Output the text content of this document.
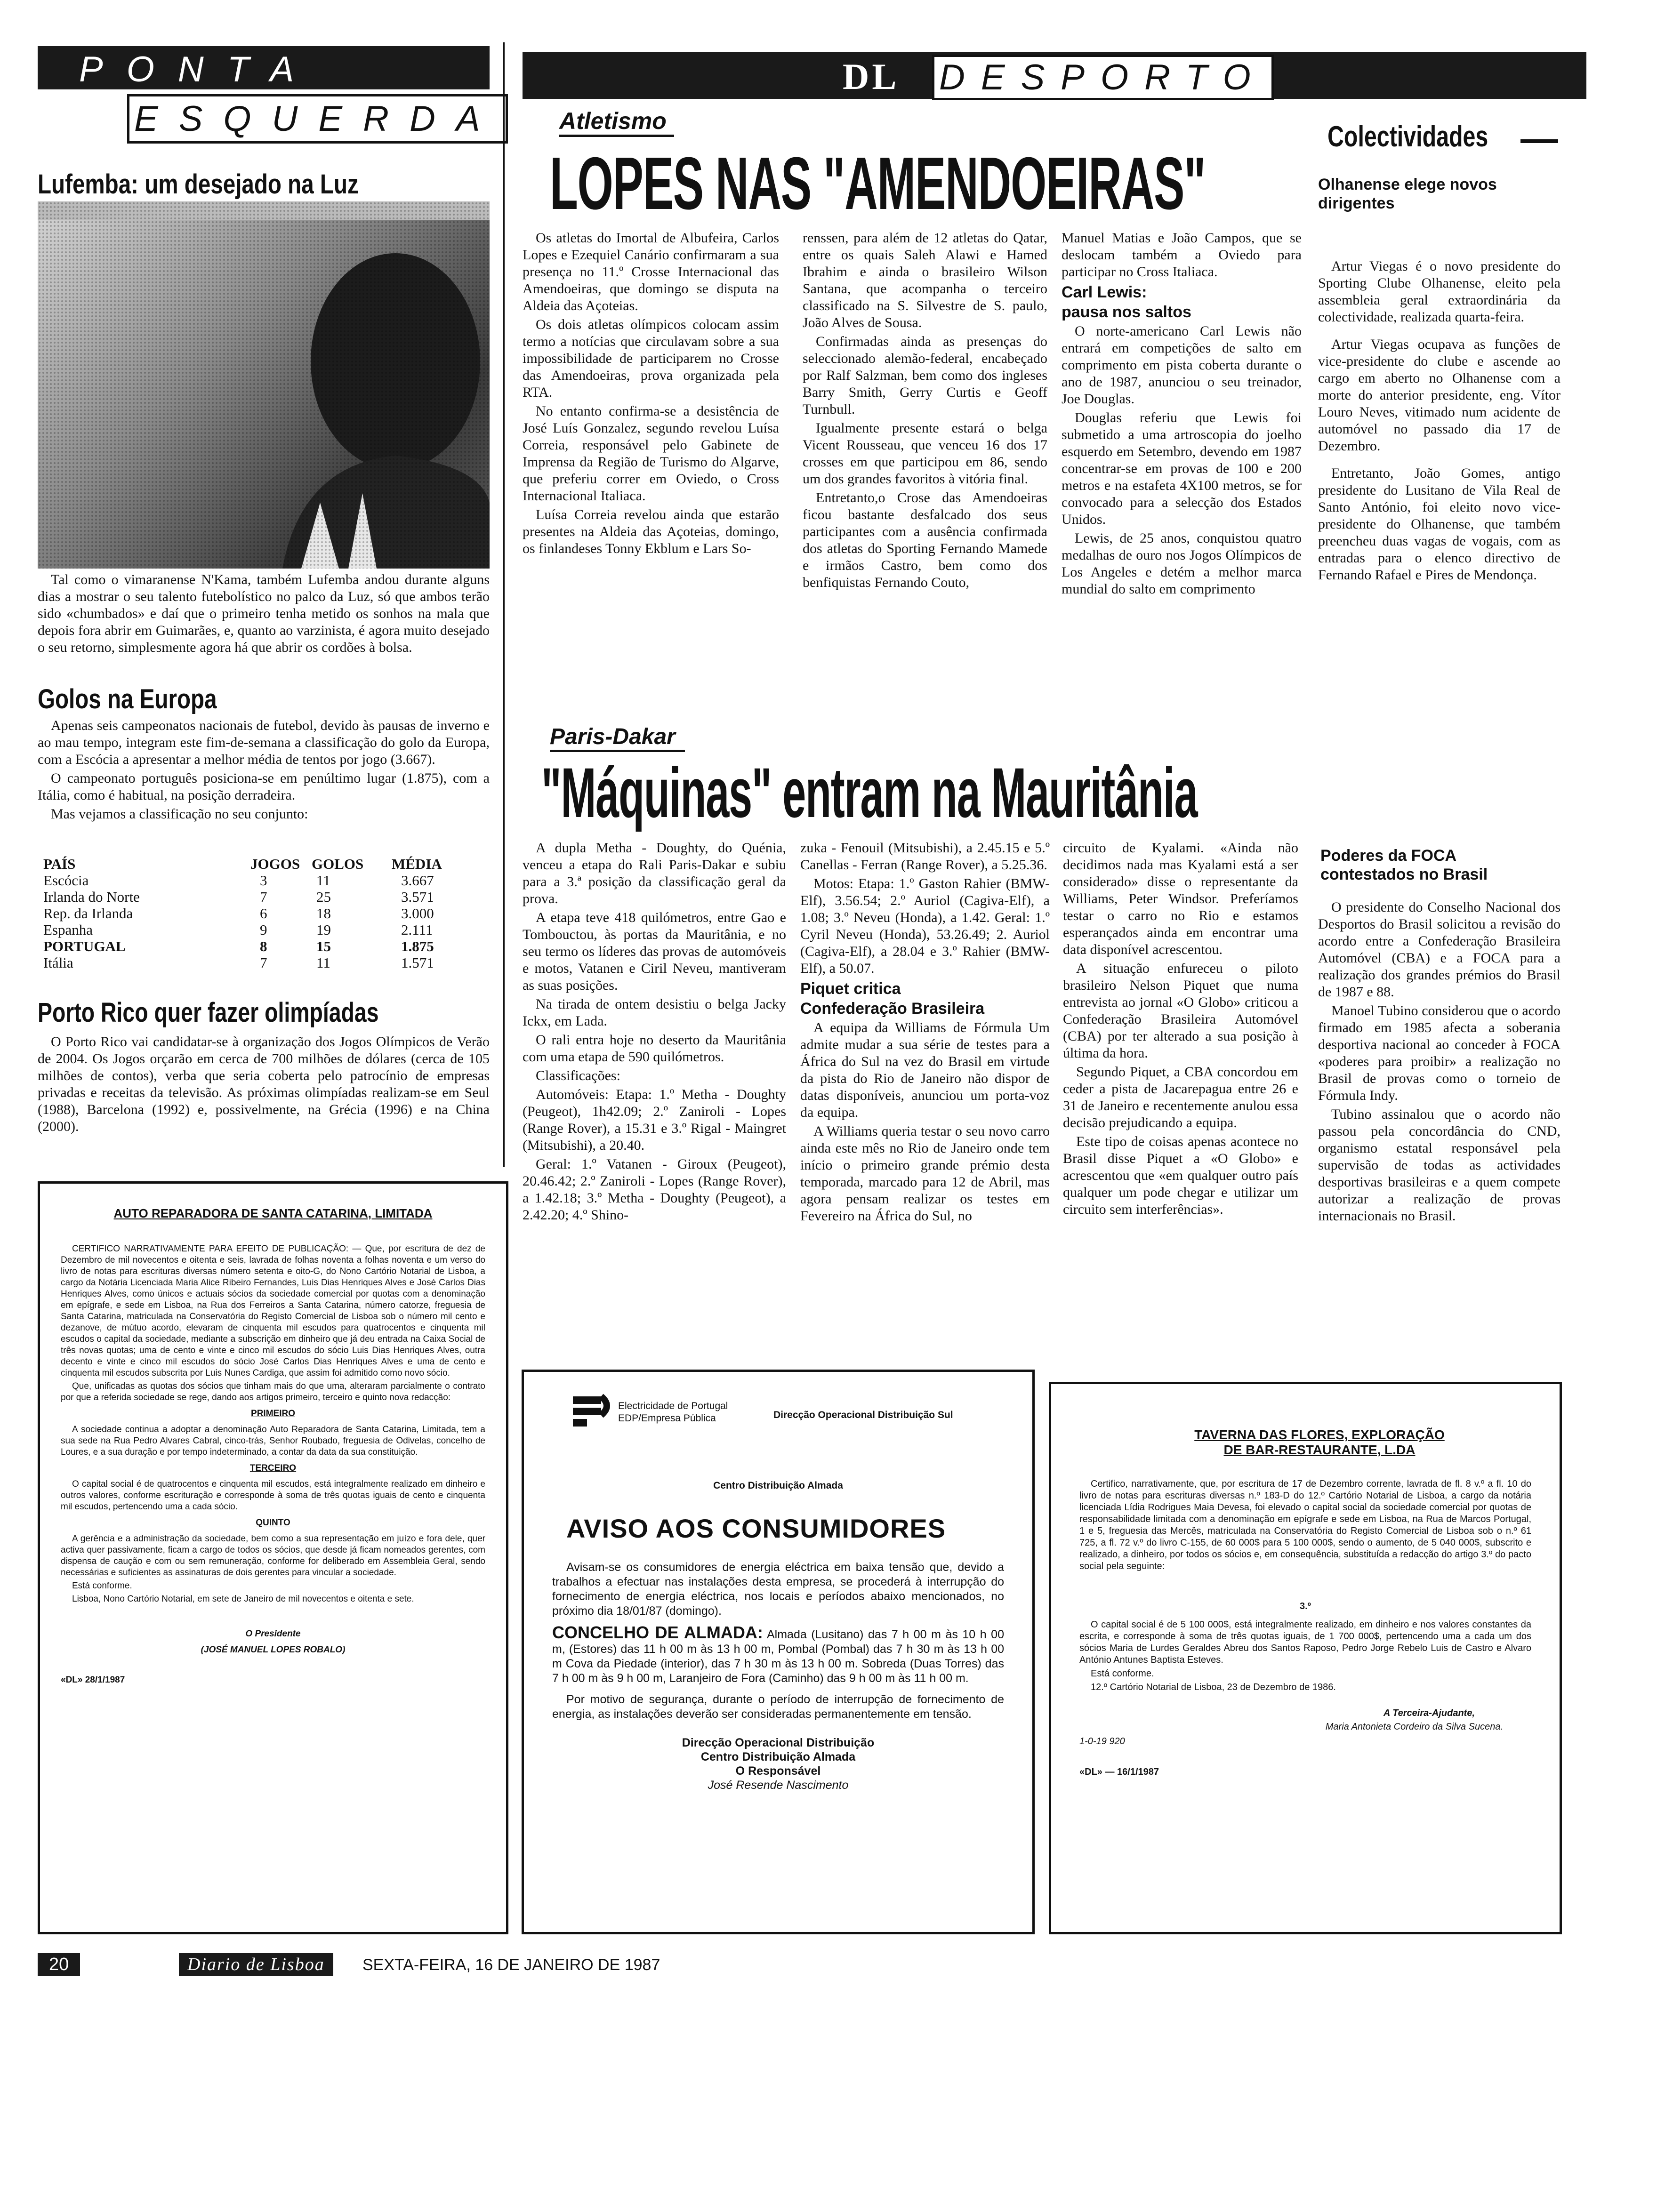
PONTA
ESQUERDA
Lufemba: um desejado na Luz

Tal como o vimaranense N'Kama, também Lufemba andou durante alguns dias a mostrar o seu talento futebolístico no palco da Luz, só que ambos terão sido «chumbados» e daí que o primeiro tenha metido os sonhos na mala que depois fora abrir em Guimarães, e, quanto ao varzinista, é agora muito desejado o seu retorno, simplesmente agora há que abrir os cordões à bolsa.

Golos na Europa

Apenas seis campeonatos nacionais de futebol, devido às pausas de inverno e ao mau tempo, integram este fim-de-semana a classificação do golo da Europa, com a Escócia a apresentar a melhor média de tentos por jogo (3.667).

O campeonato português posiciona-se em penúltimo lugar (1.875), com a Itália, como é habitual, na posição derradeira.

Mas vejamos a classificação no seu conjunto:

PAÍS	JOGOS GOLOS	MÉDIA
Escócia	3	11	3.667
Irlanda do Norte	7	25	3.571
Rep. da Irlanda	6	18	3.000
Espanha	9	19	2.111
PORTUGAL	8	15	1.875
Itália	7	11	1.571
Porto Rico quer fazer olimpíadas

O Porto Rico vai candidatar-se à organização dos Jogos Olímpicos de Verão de 2004. Os Jogos orçarão em cerca de 700 milhões de dólares (cerca de 105 milhões de contos), verba que seria coberta pelo patrocínio de empresas privadas e receitas da televisão. As próximas olimpíadas realizam-se em Seul (1988), Barcelona (1992) e, possivelmente, na Grécia (1996) e na China (2000).

DL DESPORTO
Atletismo
LOPES NAS "AMENDOEIRAS"

Os atletas do Imortal de Albufeira, Carlos Lopes e Ezequiel Canário confirmaram a sua presença no 11.º Crosse Internacional das Amendoeiras, que domingo se disputa na Aldeia das Açoteias.

Os dois atletas olímpicos colocam assim termo a notícias que circulavam sobre a sua impossibilidade de participarem no Crosse das Amendoeiras, prova organizada pela RTA.

No entanto confirma-se a desistência de José Luís Gonzalez, segundo revelou Luísa Correia, responsável pelo Gabinete de Imprensa da Região de Turismo do Algarve, que preferiu correr em Oviedo, o Cross Internacional Italiaca.

Luísa Correia revelou ainda que estarão presentes na Aldeia das Açoteias, domingo, os finlandeses Tonny Ekblum e Lars So-

renssen, para além de 12 atletas do Qatar, entre os quais Saleh Alawi e Hamed Ibrahim e ainda o brasileiro Wilson Santana, que acompanha o terceiro classificado na S. Silvestre de S. paulo, João Alves de Sousa.

Confirmadas ainda as presenças do seleccionado alemão-federal, encabeçado por Ralf Salzman, bem como dos ingleses Barry Smith, Gerry Curtis e Geoff Turnbull.

Igualmente presente estará o belga Vicent Rousseau, que venceu 16 dos 17 crosses em que participou em 86, sendo um dos grandes favoritos à vitória final.

Entretanto,o Crose das Amendoeiras ficou bastante desfalcado dos seus participantes com a ausência confirmada dos atletas do Sporting Fernando Mamede e irmãos Castro, bem como dos benfiquistas Fernando Couto,

Manuel Matias e João Campos, que se deslocam também a Oviedo para participar no Cross Italiaca.

Carl Lewis:

pausa nos saltos

O norte-americano Carl Lewis não entrará em competições de salto em comprimento em pista coberta durante o ano de 1987, anunciou o seu treinador, Joe Douglas.

Douglas referiu que Lewis foi submetido a uma artroscopia do joelho esquerdo em Setembro, devendo em 1987 concentrar-se em provas de 100 e 200 metros e na estafeta 4X100 metros, se for convocado para a selecção dos Estados Unidos.

Lewis, de 25 anos, conquistou quatro medalhas de ouro nos Jogos Olímpicos de Los Angeles e detém a melhor marca mundial do salto em comprimento

Colectividades
Olhanense elege novos dirigentes

Artur Viegas é o novo presidente do Sporting Clube Olhanense, eleito pela assembleia geral extraordinária da colectividade, realizada quarta-feira.

Artur Viegas ocupava as funções de vice-presidente do clube e ascende ao cargo em aberto no Olhanense com a morte do anterior presidente, eng. Vítor Louro Neves, vitimado num acidente de automóvel no passado dia 17 de Dezembro.

Entretanto, João Gomes, antigo presidente do Lusitano de Vila Real de Santo António, foi eleito novo vice-presidente do Olhanense, que também preencheu duas vagas de vogais, com as entradas para o elenco directivo de Fernando Rafael e Pires de Mendonça.

Paris-Dakar
"Máquinas" entram na Mauritânia

A dupla Metha - Doughty, do Quénia, venceu a etapa do Rali Paris-Dakar e subiu para a 3.ª posição da classificação geral da prova.

A etapa teve 418 quilómetros, entre Gao e Tombouctou, às portas da Mauritânia, e no seu termo os líderes das provas de automóveis e motos, Vatanen e Ciril Neveu, mantiveram as suas posições.

Na tirada de ontem desistiu o belga Jacky Ickx, em Lada.

O rali entra hoje no deserto da Mauritânia com uma etapa de 590 quilómetros.

Classificações:

Automóveis: Etapa: 1.º Metha - Doughty (Peugeot), 1h42.09; 2.º Zaniroli - Lopes (Range Rover), a 15.31 e 3.º Rigal - Maingret (Mitsubishi), a 20.40.

Geral: 1.º Vatanen - Giroux (Peugeot), 20.46.42; 2.º Zaniroli - Lopes (Range Rover), a 1.42.18; 3.º Metha - Doughty (Peugeot), a 2.42.20; 4.º Shino-

zuka - Fenouil (Mitsubishi), a 2.45.15 e 5.º Canellas - Ferran (Range Rover), a 5.25.36.

Motos: Etapa: 1.º Gaston Rahier (BMW-Elf), 3.56.54; 2.º Auriol (Cagiva-Elf), a 1.08; 3.º Neveu (Honda), a 1.42. Geral: 1.º Cyril Neveu (Honda), 53.26.49; 2. Auriol (Cagiva-Elf), a 28.04 e 3.º Rahier (BMW-Elf), a 50.07.

Piquet critica

Confederação Brasileira

A equipa da Williams de Fórmula Um admite mudar a sua série de testes para a África do Sul na vez do Brasil em virtude da pista do Rio de Janeiro não dispor de datas disponíveis, anunciou um porta-voz da equipa.

A Williams queria testar o seu novo carro ainda este mês no Rio de Janeiro onde tem início o primeiro grande prémio desta temporada, marcado para 12 de Abril, mas agora pensam realizar os testes em Fevereiro na África do Sul, no

circuito de Kyalami. «Ainda não decidimos nada mas Kyalami está a ser considerado» disse o representante da Williams, Peter Windsor. Preferíamos testar o carro no Rio e estamos esperançados ainda em encontrar uma data disponível acrescentou.

A situação enfureceu o piloto brasileiro Nelson Piquet que numa entrevista ao jornal «O Globo» criticou a Confederação Brasileira Automóvel (CBA) por ter alterado a sua posição à última da hora.

Segundo Piquet, a CBA concordou em ceder a pista de Jacarepagua entre 26 e 31 de Janeiro e recentemente anulou essa decisão prejudicando a equipa.

Este tipo de coisas apenas acontece no Brasil disse Piquet a «O Globo» e acrescentou que «em qualquer outro país qualquer um pode chegar e utilizar um circuito sem interferências».

Poderes da FOCA contestados no Brasil

O presidente do Conselho Nacional dos Desportos do Brasil solicitou a revisão do acordo entre a Confederação Brasileira Automóvel (CBA) e a FOCA para a realização dos grandes prémios do Brasil de 1987 e 88.

Manoel Tubino considerou que o acordo firmado em 1985 afecta a soberania desportiva nacional ao conceder à FOCA «poderes para proibir» a realização no Brasil de provas como o torneio de Fórmula Indy.

Tubino assinalou que o acordo não passou pela concordância do CND, organismo estatal responsável pela supervisão de todas as actividades desportivas brasileiras e a quem compete autorizar a realização de provas internacionais no Brasil.

AUTO REPARADORA DE SANTA CATARINA, LIMITADA

CERTIFICO NARRATIVAMENTE PARA EFEITO DE PUBLICAÇÃO: — Que, por escritura de dez de Dezembro de mil novecentos e oitenta e seis, lavrada de folhas noventa a folhas noventa e um verso do livro de notas para escrituras diversas número setenta e oito-G, do Nono Cartório Notarial de Lisboa, a cargo da Notária Licenciada Maria Alice Ribeiro Fernandes, Luis Dias Henriques Alves e José Carlos Dias Henriques Alves, como únicos e actuais sócios da sociedade comercial por quotas com a denominação em epígrafe, e sede em Lisboa, na Rua dos Ferreiros a Santa Catarina, número catorze, freguesia de Santa Catarina, matriculada na Conservatória do Registo Comercial de Lisboa sob o número mil cento e dezanove, de mútuo acordo, elevaram de cinquenta mil escudos para quatrocentos e cinquenta mil escudos o capital da sociedade, mediante a subscrição em dinheiro que já deu entrada na Caixa Social de três novas quotas; uma de cento e vinte e cinco mil escudos do sócio Luis Dias Henriques Alves, outra decento e vinte e cinco mil escudos do sócio José Carlos Dias Henriques Alves e uma de cento e cinquenta mil escudos subscrita por Luis Nunes Cardiga, que assim foi admitido como novo sócio.

Que, unificadas as quotas dos sócios que tinham mais do que uma, alteraram parcialmente o contrato por que a referida sociedade se rege, dando aos artigos primeiro, terceiro e quinto nova redacção:

PRIMEIRO

A sociedade continua a adoptar a denominação Auto Reparadora de Santa Catarina, Limitada, tem a sua sede na Rua Pedro Alvares Cabral, cinco-trás, Senhor Roubado, freguesia de Odivelas, concelho de Loures, e a sua duração e por tempo indeterminado, a contar da data da sua constituição.

TERCEIRO

O capital social é de quatrocentos e cinquenta mil escudos, está integralmente realizado em dinheiro e outros valores, conforme escrituração e corresponde à soma de três quotas iguais de cento e cinquenta mil escudos, pertencendo uma a cada sócio.

QUINTO

A gerência e a administração da sociedade, bem como a sua representação em juízo e fora dele, quer activa quer passivamente, ficam a cargo de todos os sócios, que desde já ficam nomeados gerentes, com dispensa de caução e com ou sem remuneração, conforme for deliberado em Assembleia Geral, sendo necessárias e suficientes as assinaturas de dois gerentes para vincular a sociedade.

Está conforme.

Lisboa, Nono Cartório Notarial, em sete de Janeiro de mil novecentos e oitenta e sete.

O Presidente

(JOSÉ MANUEL LOPES ROBALO)

«DL» 28/1/1987

Electricidade de Portugal
EDP/Empresa Pública	Direcção Operacional Distribuição Sul
Centro Distribuição Almada
AVISO AOS CONSUMIDORES

Avisam-se os consumidores de energia eléctrica em baixa tensão que, devido a trabalhos a efectuar nas instalações desta empresa, se procederá à interrupção do fornecimento de energia eléctrica, nos locais e períodos abaixo mencionados, no próximo dia 18/01/87 (domingo).

CONCELHO DE ALMADA: Almada (Lusitano) das 7 h 00 m às 10 h 00 m, (Estores) das 11 h 00 m às 13 h 00 m, Pombal (Pombal) das 7 h 30 m às 13 h 00 m Cova da Piedade (interior), das 7 h 30 m às 13 h 00 m. Sobreda (Duas Torres) das 7 h 00 m às 9 h 00 m, Laranjeiro de Fora (Caminho) das 9 h 00 m às 11 h 00 m.

Por motivo de segurança, durante o período de interrupção de fornecimento de energia, as instalações deverão ser consideradas permanentemente em tensão.

Direcção Operacional Distribuição
Centro Distribuição Almada
O Responsável
José Resende Nascimento
TAVERNA DAS FLORES, EXPLORAÇÃO
DE BAR-RESTAURANTE, L.DA

Certifico, narrativamente, que, por escritura de 17 de Dezembro corrente, lavrada de fl. 8 v.º a fl. 10 do livro de notas para escrituras diversas n.º 183-D do 12.º Cartório Notarial de Lisboa, a cargo da notária licenciada Lídia Rodrigues Maia Devesa, foi elevado o capital social da sociedade comercial por quotas de responsabilidade limitada com a denominação em epígrafe e sede em Lisboa, na Rua de Marcos Portugal, 1 e 5, freguesia das Mercês, matriculada na Conservatória do Registo Comercial de Lisboa sob o n.º 61 725, a fl. 72 v.º do livro C-155, de 60 000$ para 5 100 000$, sendo o aumento, de 5 040 000$, subscrito e realizado, a dinheiro, por todos os sócios e, em consequência, substituída a redacção do artigo 3.º do pacto social pela seguinte:

3.º

O capital social é de 5 100 000$, está integralmente realizado, em dinheiro e nos valores constantes da escrita, e corresponde à soma de três quotas iguais, de 1 700 000$, pertencendo uma a cada um dos sócios Maria de Lurdes Geraldes Abreu dos Santos Raposo, Pedro Jorge Rebelo Luis de Castro e Alvaro António Antunes Baptista Esteves.

Está conforme.

12.º Cartório Notarial de Lisboa, 23 de Dezembro de 1986.

A Terceira-Ajudante,

Maria Antonieta Cordeiro da Silva Sucena.

1-0-19 920

«DL» — 16/1/1987

20	Diario de Lisboa	SEXTA-FEIRA, 16 DE JANEIRO DE 1987
